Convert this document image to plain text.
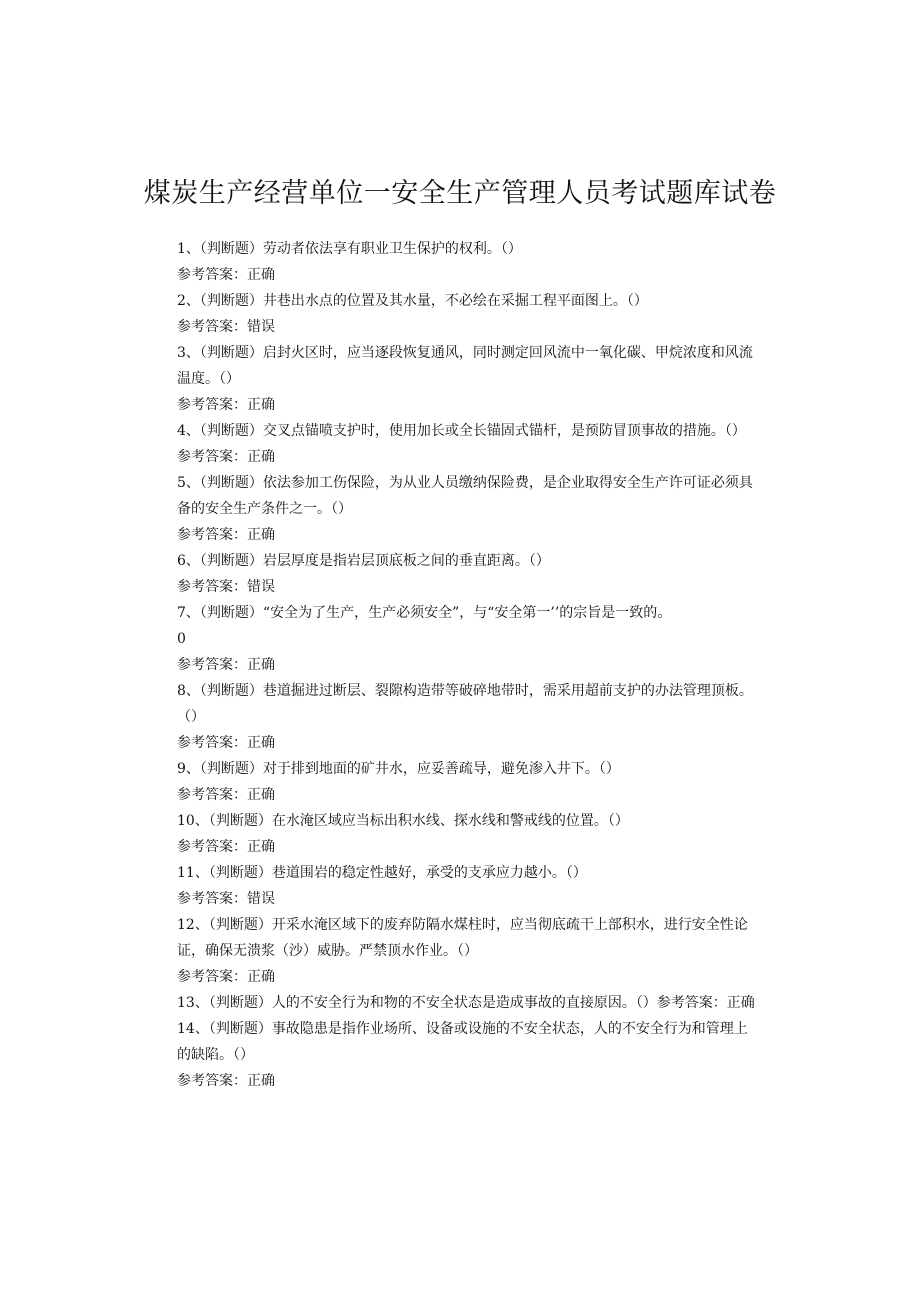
煤炭生产经营单位一安全生产管理人员考试题库试卷

1、（判断题）劳动者依法享有职业卫生保护的权利。（）

参考答案：正确

2、（判断题）井巷出水点的位置及其水量，不必绘在采掘工程平面图上。（）

参考答案：错误

3、（判断题）启封火区时，应当逐段恢复通风，同时测定回风流中一氧化碳、甲烷浓度和风流温度。（）

参考答案：正确

4、（判断题）交叉点锚喷支护时，使用加长或全长锚固式锚杆，是预防冒顶事故的措施。（）

参考答案：正确

5、（判断题）依法参加工伤保险，为从业人员缴纳保险费，是企业取得安全生产许可证必须具备的安全生产条件之一。（）

参考答案：正确

6、（判断题）岩层厚度是指岩层顶底板之间的垂直距离。（）

参考答案：错误

7、（判断题）“安全为了生产，生产必须安全”，与“安全第一’’的宗旨是一致的。

0

参考答案：正确

8、（判断题）巷道掘进过断层、裂隙构造带等破碎地带时，需采用超前支护的办法管理顶板。（）

参考答案：正确

9、（判断题）对于排到地面的矿井水，应妥善疏导，避免渗入井下。（）

参考答案：正确

10、（判断题）在水淹区域应当标出积水线、探水线和警戒线的位置。（）

参考答案：正确

11、（判断题）巷道围岩的稳定性越好，承受的支承应力越小。（）

参考答案：错误

12、（判断题）开采水淹区域下的废弃防隔水煤柱时，应当彻底疏干上部积水，进行安全性论证，确保无溃浆（沙）威胁。严禁顶水作业。（）

参考答案：正确

13、（判断题）人的不安全行为和物的不安全状态是造成事故的直接原因。（）参考答案：正确

14、（判断题）事故隐患是指作业场所、设备或设施的不安全状态，人的不安全行为和管理上的缺陷。（）

参考答案：正确
